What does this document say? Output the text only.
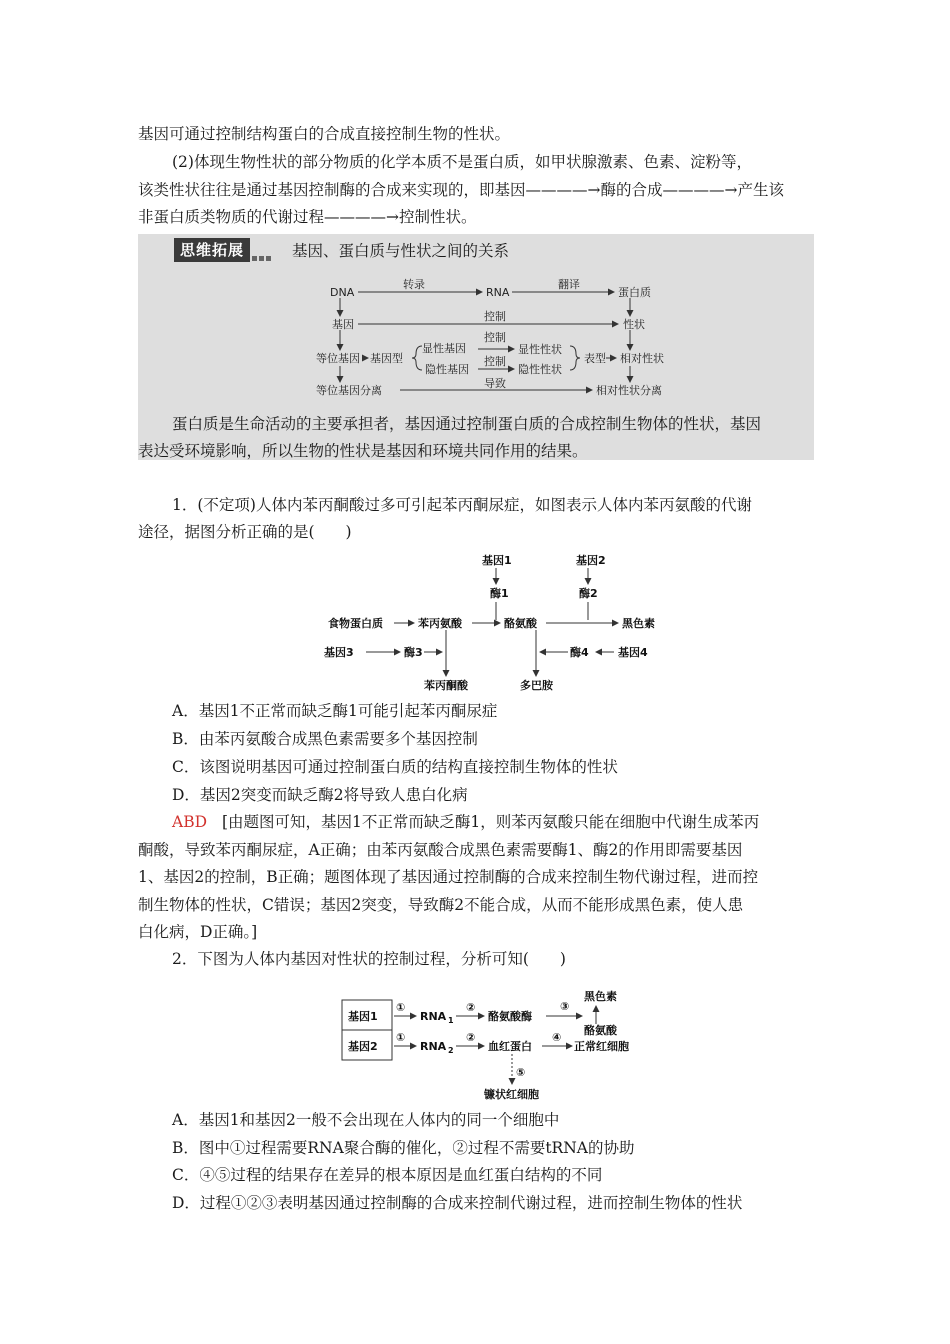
基因可通过控制结构蛋白的合成直接控制生物的性状。
(2)体现生物性状的部分物质的化学本质不是蛋白质，如甲状腺激素、色素、淀粉等，
该类性状往往是通过基因控制酶的合成来实现的，即基因————→酶的合成————→产生该
非蛋白质类物质的代谢过程————→控制性状。
思维拓展	基因、蛋白质与性状之间的关系
DNA
转录
RNA
翻译
蛋白质
基因
控制
性状
等位基因 基因型
显性基因
隐性基因
控制
控制
显性性状
隐性性状
表型 相对性状
等位基因分离
导致
相对性状分离
蛋白质是生命活动的主要承担者，基因通过控制蛋白质的合成控制生物体的性状，基因
表达受环境影响，所以生物的性状是基因和环境共同作用的结果。
1．(不定项)人体内苯丙酮酸过多可引起苯丙酮尿症，如图表示人体内苯丙氨酸的代谢
途径，据图分析正确的是(　　)
基因1
酶1
基因2
酶2
食物蛋白质	苯丙氨酸	酪氨酸	黑色素
基因3	酶3	酶4	基因4
苯丙酮酸	多巴胺
A．基因1不正常而缺乏酶1可能引起苯丙酮尿症
B．由苯丙氨酸合成黑色素需要多个基因控制
C．该图说明基因可通过控制蛋白质的结构直接控制生物体的性状
D．基因2突变而缺乏酶2将导致人患白化病
ABD [由题图可知，基因1不正常而缺乏酶1，则苯丙氨酸只能在细胞中代谢生成苯丙
酮酸，导致苯丙酮尿症，A正确；由苯丙氨酸合成黑色素需要酶1、酶2的作用即需要基因
1、基因2的控制，B正确；题图体现了基因通过控制酶的合成来控制生物代谢过程，进而控
制生物体的性状，C错误；基因2突变，导致酶2不能合成，从而不能形成黑色素，使人患
白化病，D正确。]
2．下图为人体内基因对性状的控制过程，分析可知(　　)
基因1
基因2
①
RNA 1
②
酪氨酸酶
③
黑色素
酪氨酸
①
RNA 2
②
血红蛋白
④
正常红细胞
⑤
镰状红细胞
A．基因1和基因2一般不会出现在人体内的同一个细胞中
B．图中①过程需要RNA聚合酶的催化，②过程不需要tRNA的协助
C．④⑤过程的结果存在差异的根本原因是血红蛋白结构的不同
D．过程①②③表明基因通过控制酶的合成来控制代谢过程，进而控制生物体的性状
